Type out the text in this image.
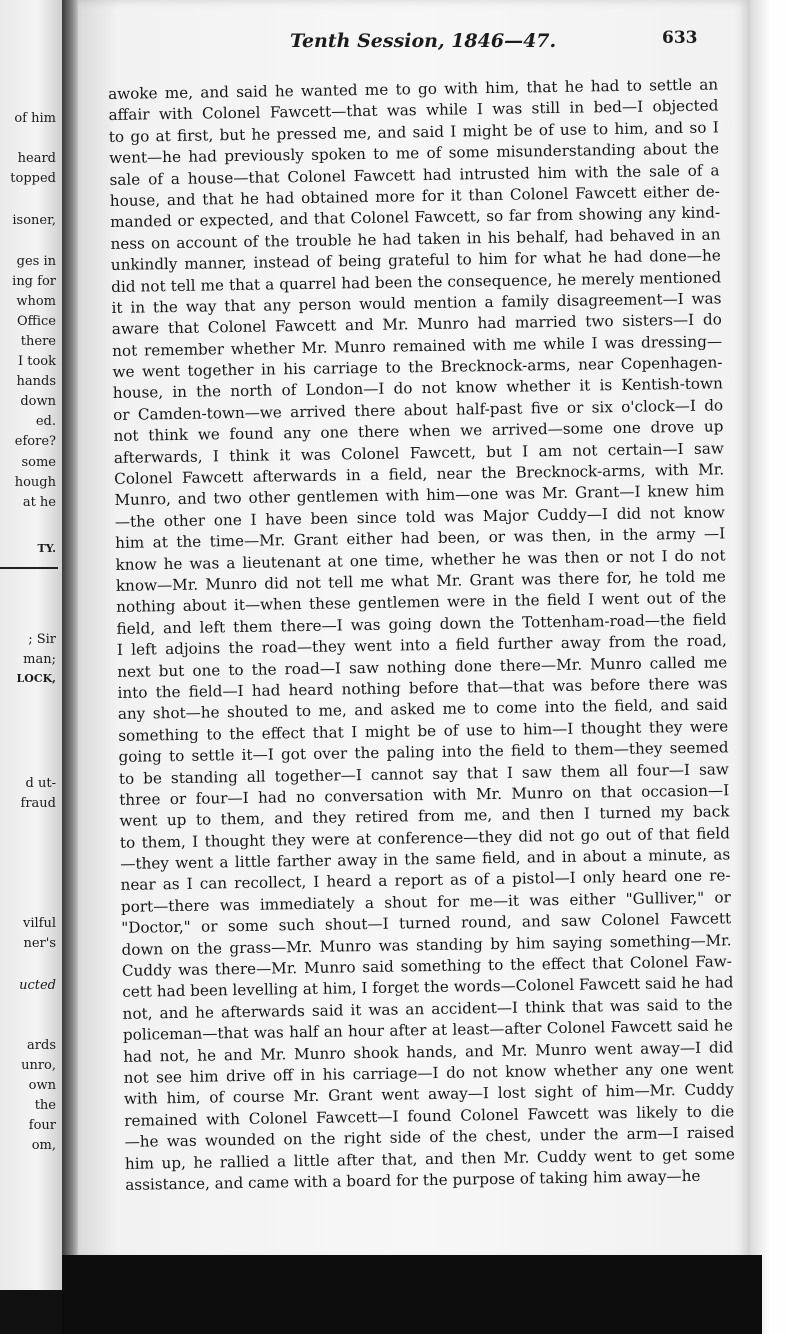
of him
heard
topped
isoner,
ges in
ing for
whom
Office
there
I took
hands
down
ed.
efore?
some
hough
at he
TY.
; Sir
man;
LOCK,
d ut-
fraud
vilful
ner's
ucted
ards
unro,
own
the
four
om,
Tenth Session, 1846—47.	633
awoke me, and said he wanted me to go with him, that he had to settle an
affair with Colonel Fawcett—that was while I was still in bed—I objected
to go at first, but he pressed me, and said I might be of use to him, and so I
went—he had previously spoken to me of some misunderstanding about the
sale of a house—that Colonel Fawcett had intrusted him with the sale of a
house, and that he had obtained more for it than Colonel Fawcett either de-
manded or expected, and that Colonel Fawcett, so far from showing any kind-
ness on account of the trouble he had taken in his behalf, had behaved in an
unkindly manner, instead of being grateful to him for what he had done—he
did not tell me that a quarrel had been the consequence, he merely mentioned
it in the way that any person would mention a family disagreement—I was
aware that Colonel Fawcett and Mr. Munro had married two sisters—I do
not remember whether Mr. Munro remained with me while I was dressing—
we went together in his carriage to the Brecknock-arms, near Copenhagen-
house, in the north of London—I do not know whether it is Kentish-town
or Camden-town—we arrived there about half-past five or six o'clock—I do
not think we found any one there when we arrived—some one drove up
afterwards, I think it was Colonel Fawcett, but I am not certain—I saw
Colonel Fawcett afterwards in a field, near the Brecknock-arms, with Mr.
Munro, and two other gentlemen with him—one was Mr. Grant—I knew him
—the other one I have been since told was Major Cuddy—I did not know
him at the time—Mr. Grant either had been, or was then, in the army —I
know he was a lieutenant at one time, whether he was then or not I do not
know—Mr. Munro did not tell me what Mr. Grant was there for, he told me
nothing about it—when these gentlemen were in the field I went out of the
field, and left them there—I was going down the Tottenham-road—the field
I left adjoins the road—they went into a field further away from the road,
next but one to the road—I saw nothing done there—Mr. Munro called me
into the field—I had heard nothing before that—that was before there was
any shot—he shouted to me, and asked me to come into the field, and said
something to the effect that I might be of use to him—I thought they were
going to settle it—I got over the paling into the field to them—they seemed
to be standing all together—I cannot say that I saw them all four—I saw
three or four—I had no conversation with Mr. Munro on that occasion—I
went up to them, and they retired from me, and then I turned my back
to them, I thought they were at conference—they did not go out of that field
—they went a little farther away in the same field, and in about a minute, as
near as I can recollect, I heard a report as of a pistol—I only heard one re-
port—there was immediately a shout for me—it was either "Gulliver," or
"Doctor," or some such shout—I turned round, and saw Colonel Fawcett
down on the grass—Mr. Munro was standing by him saying something—Mr.
Cuddy was there—Mr. Munro said something to the effect that Colonel Faw-
cett had been levelling at him, I forget the words—Colonel Fawcett said he had
not, and he afterwards said it was an accident—I think that was said to the
policeman—that was half an hour after at least—after Colonel Fawcett said he
had not, he and Mr. Munro shook hands, and Mr. Munro went away—I did
not see him drive off in his carriage—I do not know whether any one went
with him, of course Mr. Grant went away—I lost sight of him—Mr. Cuddy
remained with Colonel Fawcett—I found Colonel Fawcett was likely to die
—he was wounded on the right side of the chest, under the arm—I raised
him up, he rallied a little after that, and then Mr. Cuddy went to get some
assistance, and came with a board for the purpose of taking him away—he
